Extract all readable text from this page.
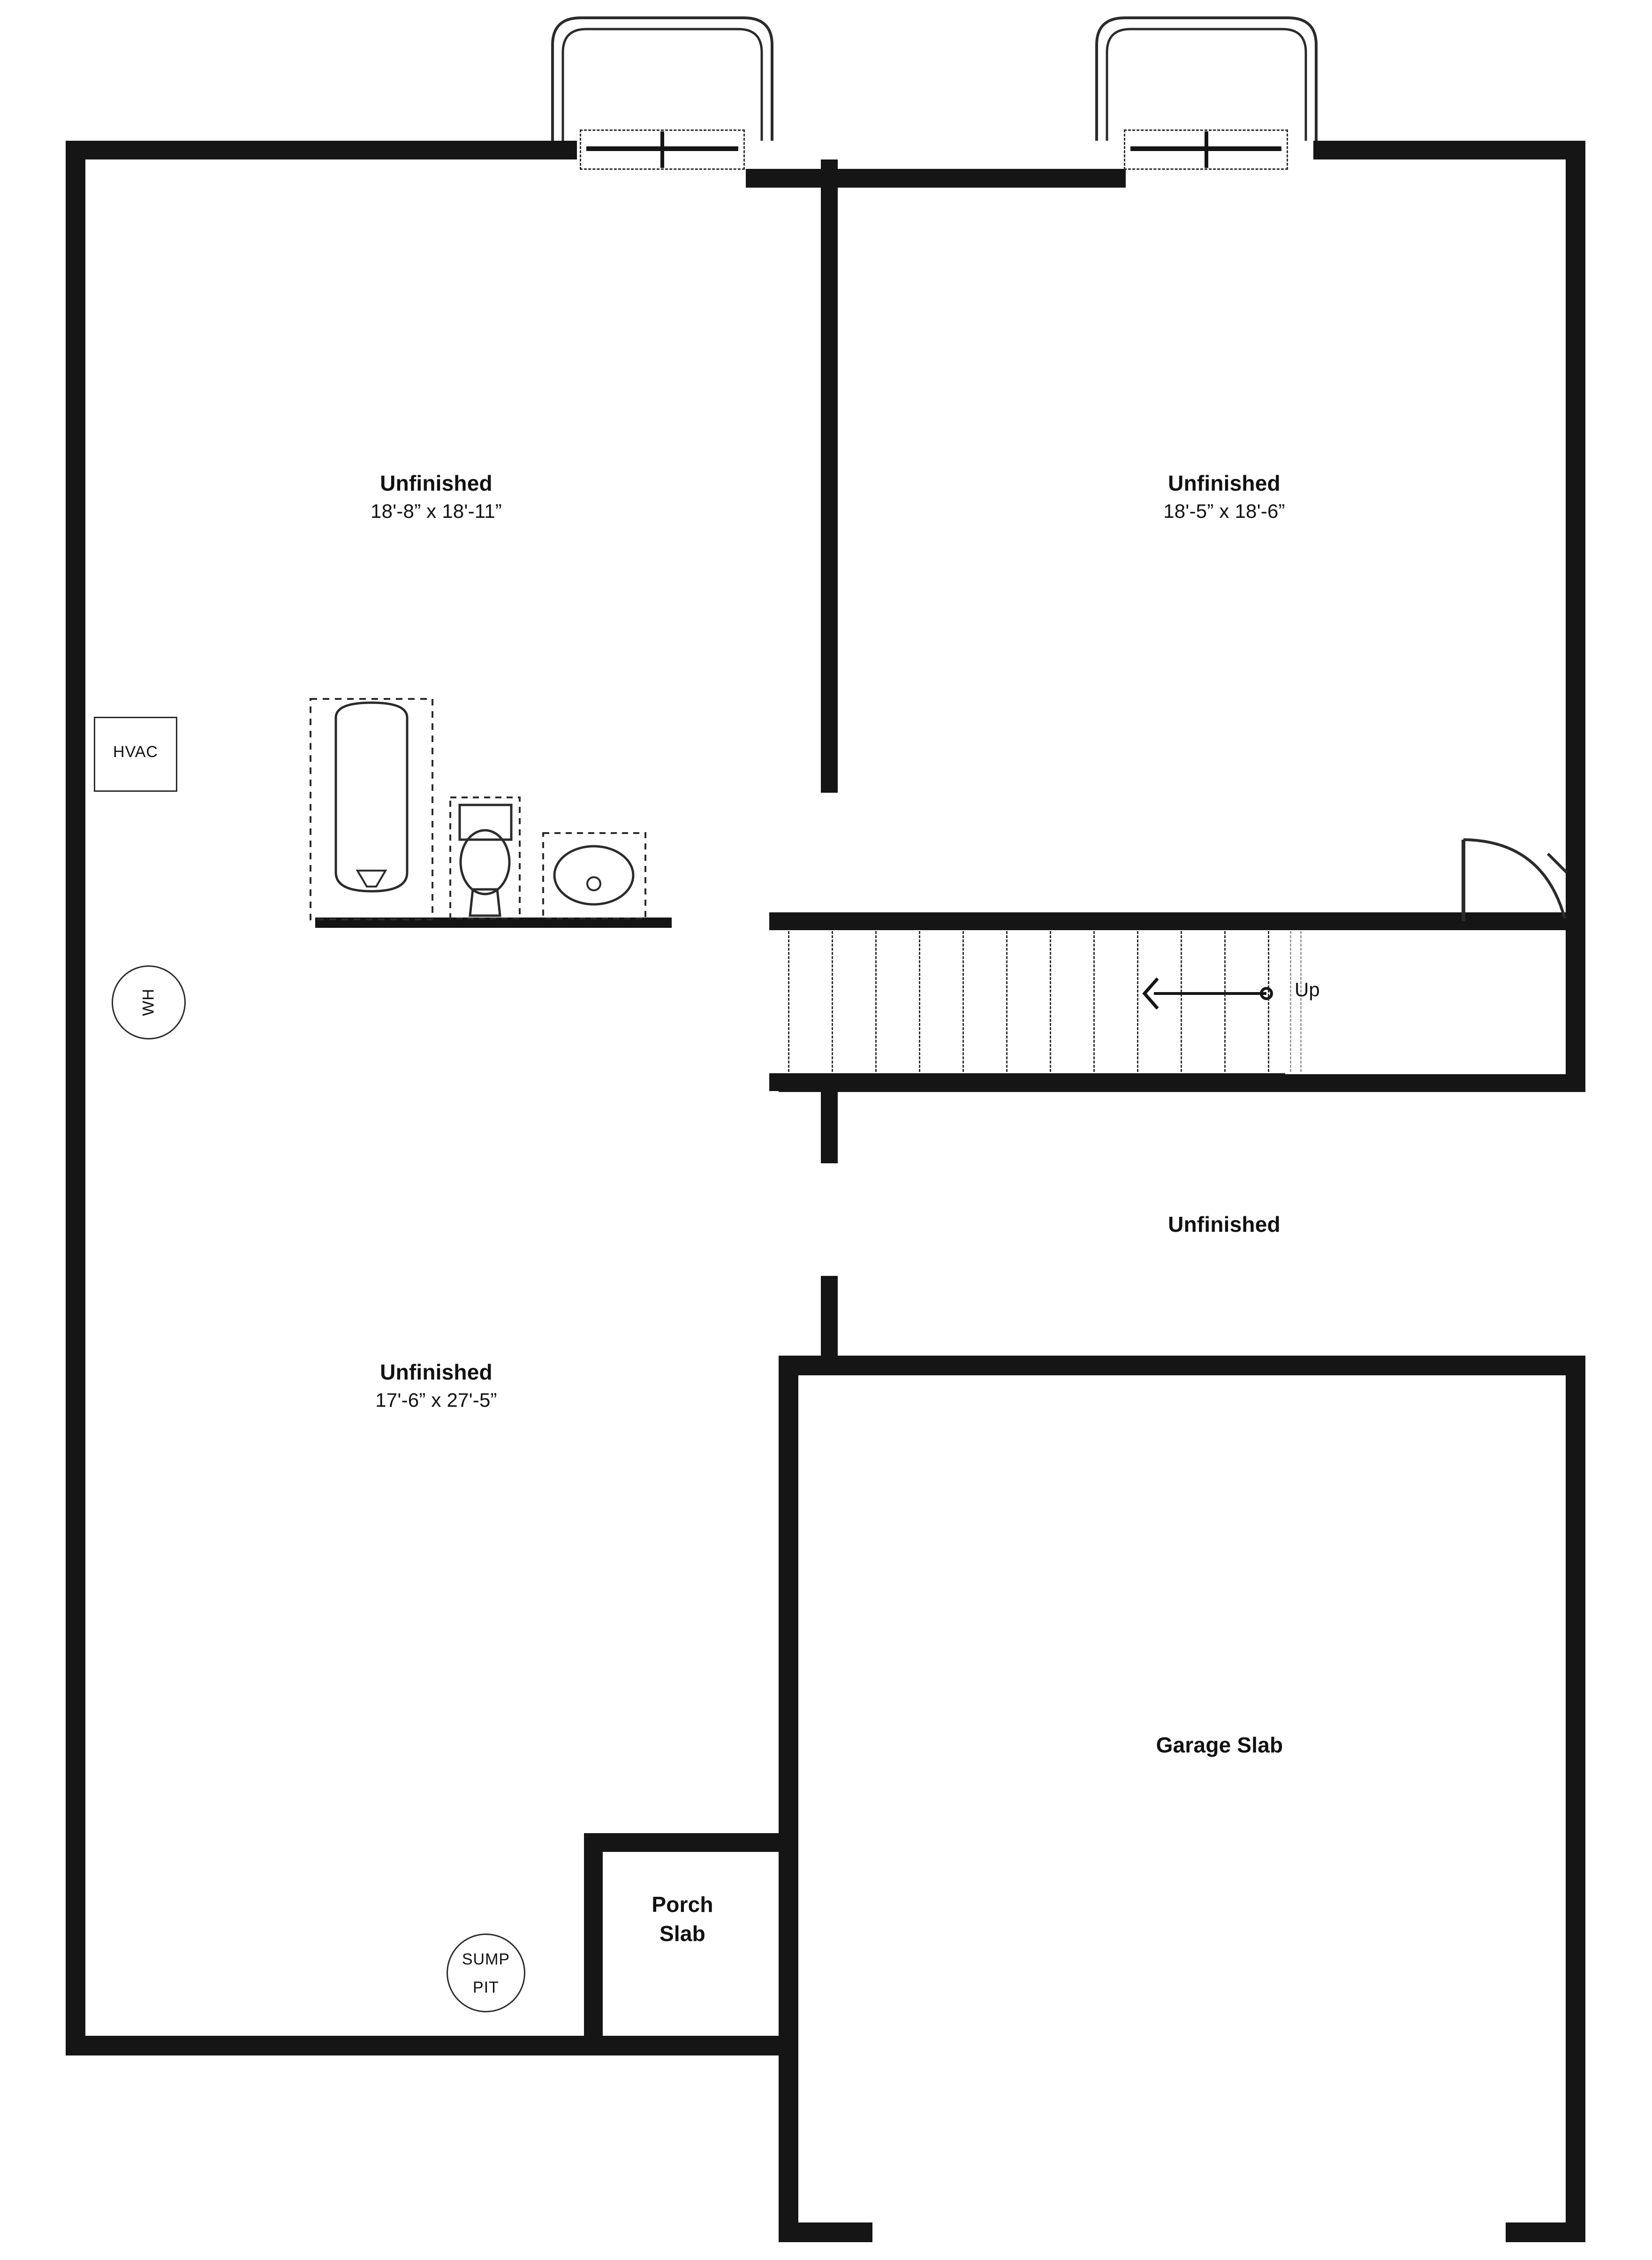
Up
HVAC
WH
SUMP
PIT
Unfinished
18'-8” x 18'-11”
Unfinished
18'-5” x 18'-6”
Unfinished
Unfinished
17'-6” x 27'-5”
Garage Slab
Porch
Slab
